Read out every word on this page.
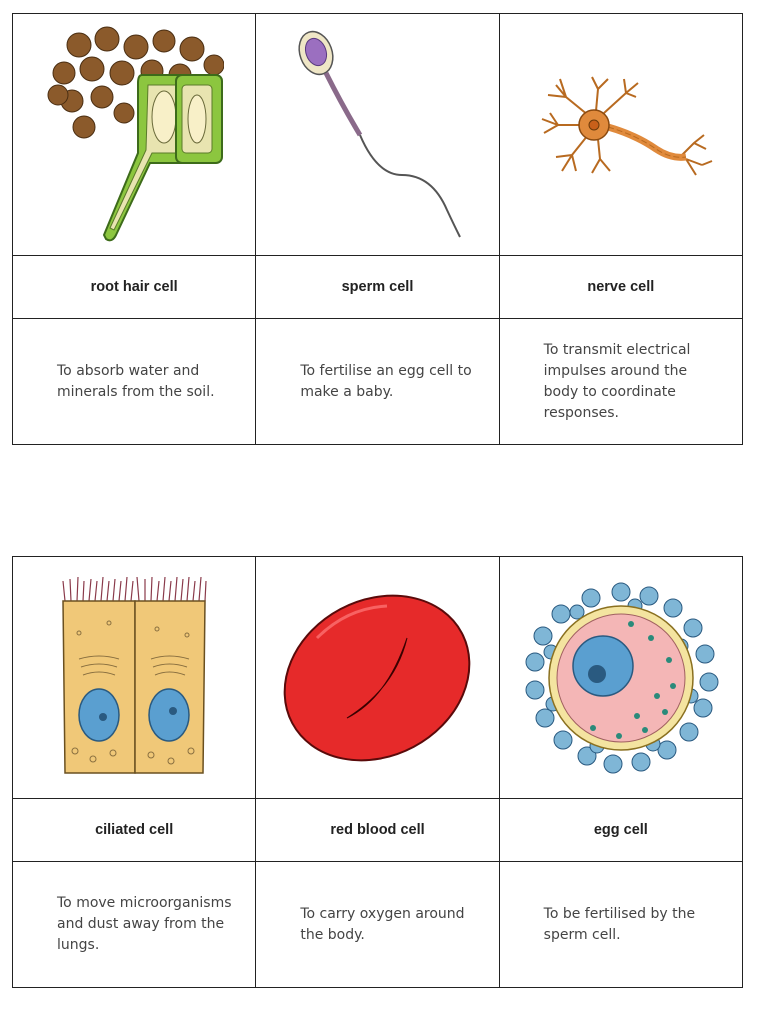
root hair cell	sperm cell	nerve cell

To absorb water and minerals from the soil.	To fertilise an egg cell to make a baby.	To transmit electrical impulses around the body to coordinate responses.

ciliated cell	red blood cell	egg cell

To move microorganisms and dust away from the lungs.	To carry oxygen around the body.	To be fertilised by the sperm cell.
